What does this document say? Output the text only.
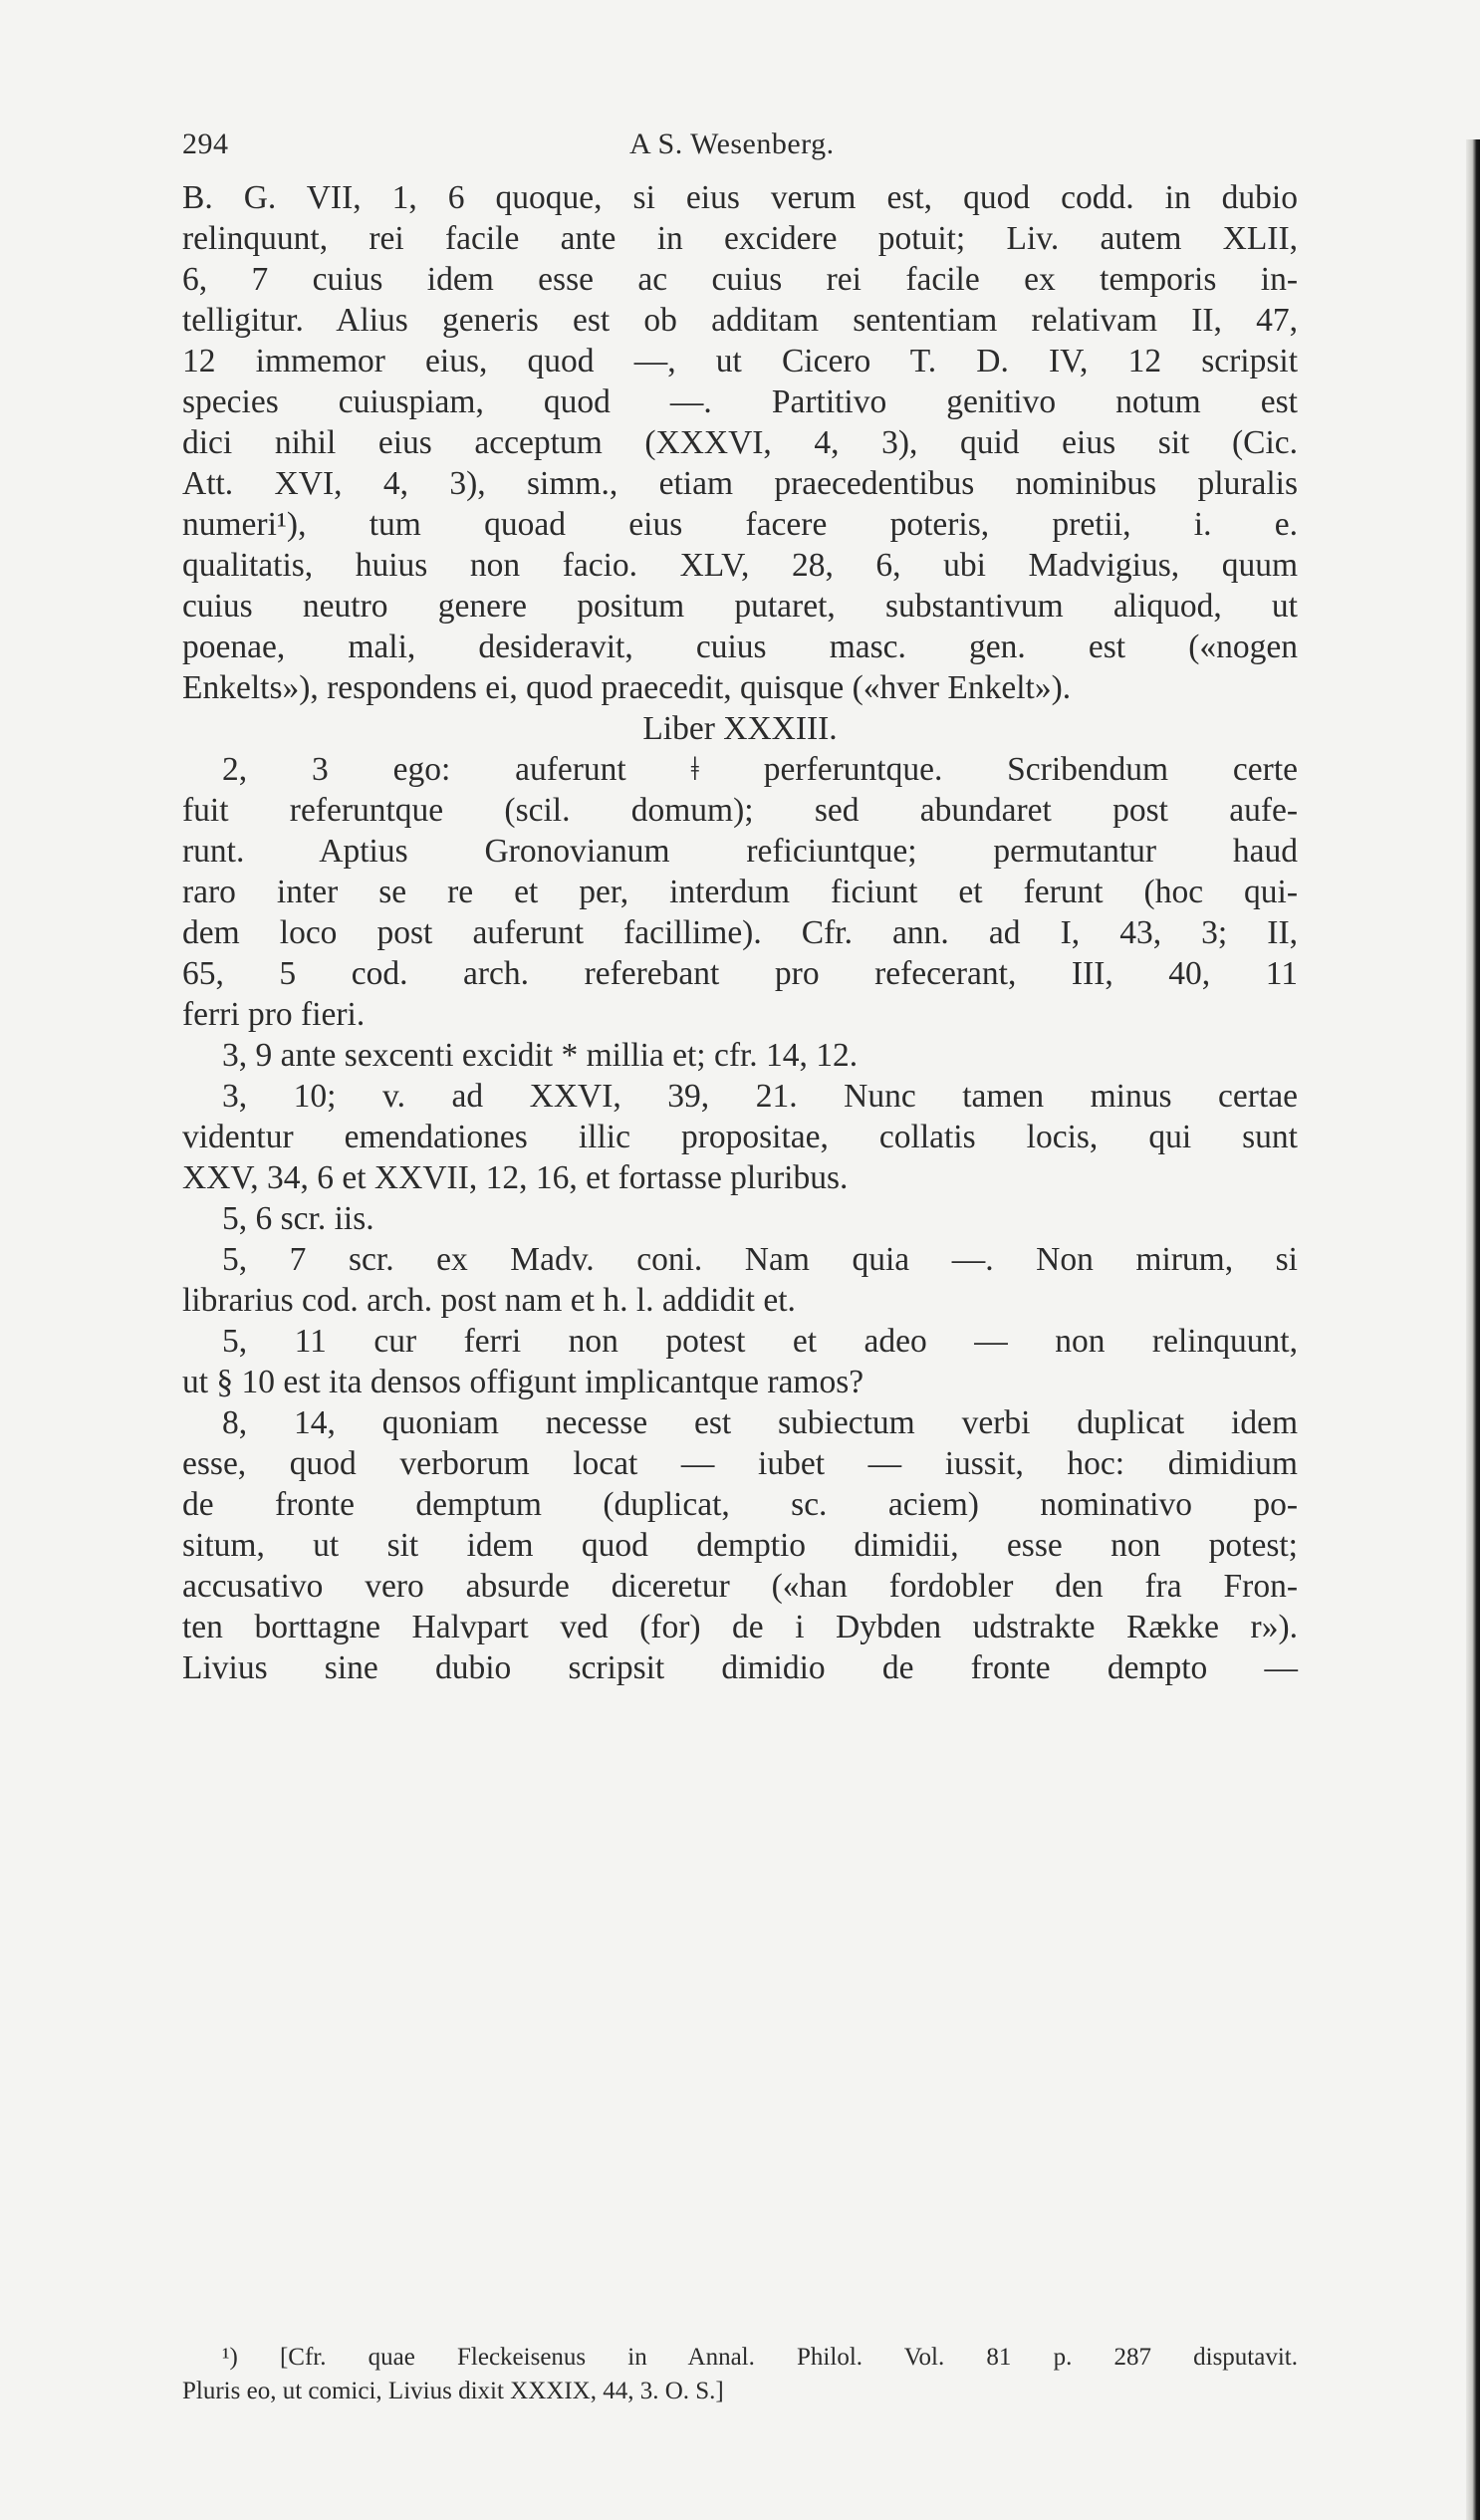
294	A S. Wesenberg.
B. G. VII, 1, 6 quoque, si eius verum est, quod codd. in dubio
relinquunt, rei facile ante in excidere potuit; Liv. autem XLII,
6, 7 cuius idem esse ac cuius rei facile ex temporis in-
telligitur. Alius generis est ob additam sententiam relativam II, 47,
12 immemor eius, quod —, ut Cicero T. D. IV, 12 scripsit
species cuiuspiam, quod —. Partitivo genitivo notum est
dici nihil eius acceptum (XXXVI, 4, 3), quid eius sit (Cic.
Att. XVI, 4, 3), simm., etiam praecedentibus nominibus pluralis
numeri¹), tum quoad eius facere poteris, pretii, i. e.
qualitatis, huius non facio. XLV, 28, 6, ubi Madvigius, quum
cuius neutro genere positum putaret, substantivum aliquod, ut
poenae, mali, desideravit, cuius masc. gen. est («nogen
Enkelts»), respondens ei, quod praecedit, quisque («hver Enkelt»).
Liber XXXIII.
2, 3 ego: auferunt ǂ perferuntque. Scribendum certe
fuit referuntque (scil. domum); sed abundaret post aufe-
runt. Aptius Gronovianum reficiuntque; permutantur haud
raro inter se re et per, interdum ficiunt et ferunt (hoc qui-
dem loco post auferunt facillime). Cfr. ann. ad I, 43, 3; II,
65, 5 cod. arch. referebant pro refecerant, III, 40, 11
ferri pro fieri.
3, 9 ante sexcenti excidit * millia et; cfr. 14, 12.
3, 10; v. ad XXVI, 39, 21. Nunc tamen minus certae
videntur emendationes illic propositae, collatis locis, qui sunt
XXV, 34, 6 et XXVII, 12, 16, et fortasse pluribus.
5, 6 scr. iis.
5, 7 scr. ex Madv. coni. Nam quia —. Non mirum, si
librarius cod. arch. post nam et h. l. addidit et.
5, 11 cur ferri non potest et adeo — non relinquunt,
ut § 10 est ita densos offigunt implicantque ramos?
8, 14, quoniam necesse est subiectum verbi duplicat idem
esse, quod verborum locat — iubet — iussit, hoc: dimidium
de fronte demptum (duplicat, sc. aciem) nominativo po-
situm, ut sit idem quod demptio dimidii, esse non potest;
accusativo vero absurde diceretur («han fordobler den fra Fron-
ten borttagne Halvpart ved (for) de i Dybden udstrakte Række r»).
Livius sine dubio scripsit dimidio de fronte dempto —
¹) [Cfr. quae Fleckeisenus in Annal. Philol. Vol. 81 p. 287 disputavit.
Pluris eo, ut comici, Livius dixit XXXIX, 44, 3. O. S.]
